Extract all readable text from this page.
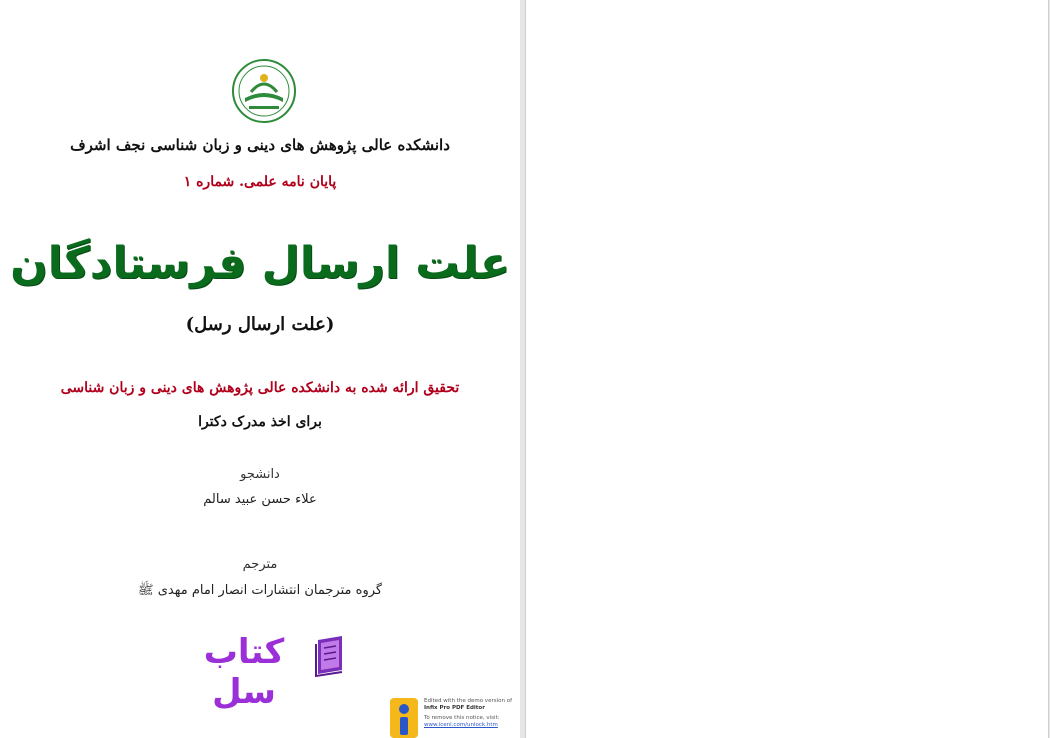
دانشکده عالی پژوهش های دینی و زبان شناسی نجف اشرف
پایان نامه علمی. شماره ۱
علت ارسال فرستادگان
(علت ارسال رسل)
تحقیق ارائه شده به دانشکده عالی پژوهش های دینی و زبان شناسی
برای اخذ مدرک دکترا
دانشجو
علاء حسن عبید سالم
مترجم
گروه مترجمان انتشارات انصار امام مهدی ﷺ
کتاب سل	Edited with the demo version of
Infix Pro PDF Editor
To remove this notice, visit:
www.iceni.com/unlock.htm
